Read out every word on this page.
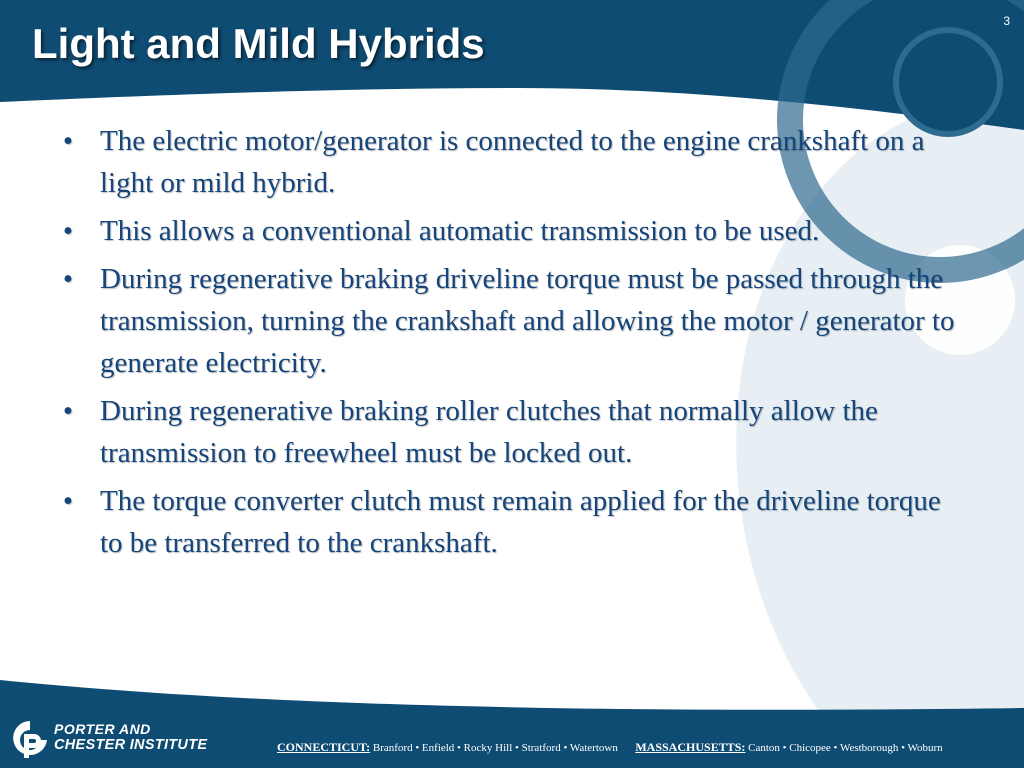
3
Light and Mild Hybrids
• The electric motor/generator is connected to the engine crankshaft on a light or mild hybrid.
• This allows a conventional automatic transmission to be used.
• During regenerative braking driveline torque must be passed through the transmission, turning the crankshaft and allowing the motor / generator to generate electricity.
• During regenerative braking roller clutches that normally allow the transmission to freewheel must be locked out.
• The torque converter clutch must remain applied for the driveline torque to be transferred to the crankshaft.
PORTER AND
CHESTER INSTITUTE	CONNECTICUT: Branford • Enfield • Rocky Hill • Stratford • Watertown MASSACHUSETTS: Canton • Chicopee • Westborough • Woburn
